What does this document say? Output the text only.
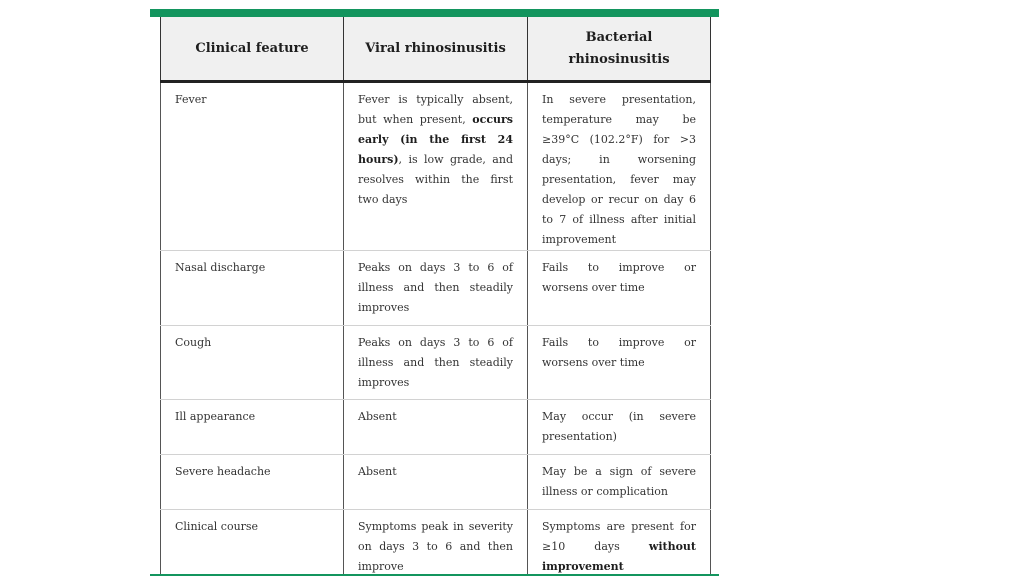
Clinical feature	Viral rhinosinusitis	Bacterial rhinosinusitis
Fever	Fever is typically absent, but when present, occurs early (in the first 24 hours), is low grade, and resolves within the first two days	In severe presentation, temperature may be ≥39°C (102.2°F) for >3 days; in worsening presentation, fever may develop or recur on day 6 to 7 of illness after initial improvement
Nasal discharge	Peaks on days 3 to 6 of illness and then steadily improves	Fails to improve or worsens over time
Cough	Peaks on days 3 to 6 of illness and then steadily improves	Fails to improve or worsens over time
Ill appearance	Absent	May occur (in severe presentation)
Severe headache	Absent	May be a sign of severe illness or complication
Clinical course	Symptoms peak in severity on days 3 to 6 and then improve	Symptoms are present for ≥10 days without improvement
